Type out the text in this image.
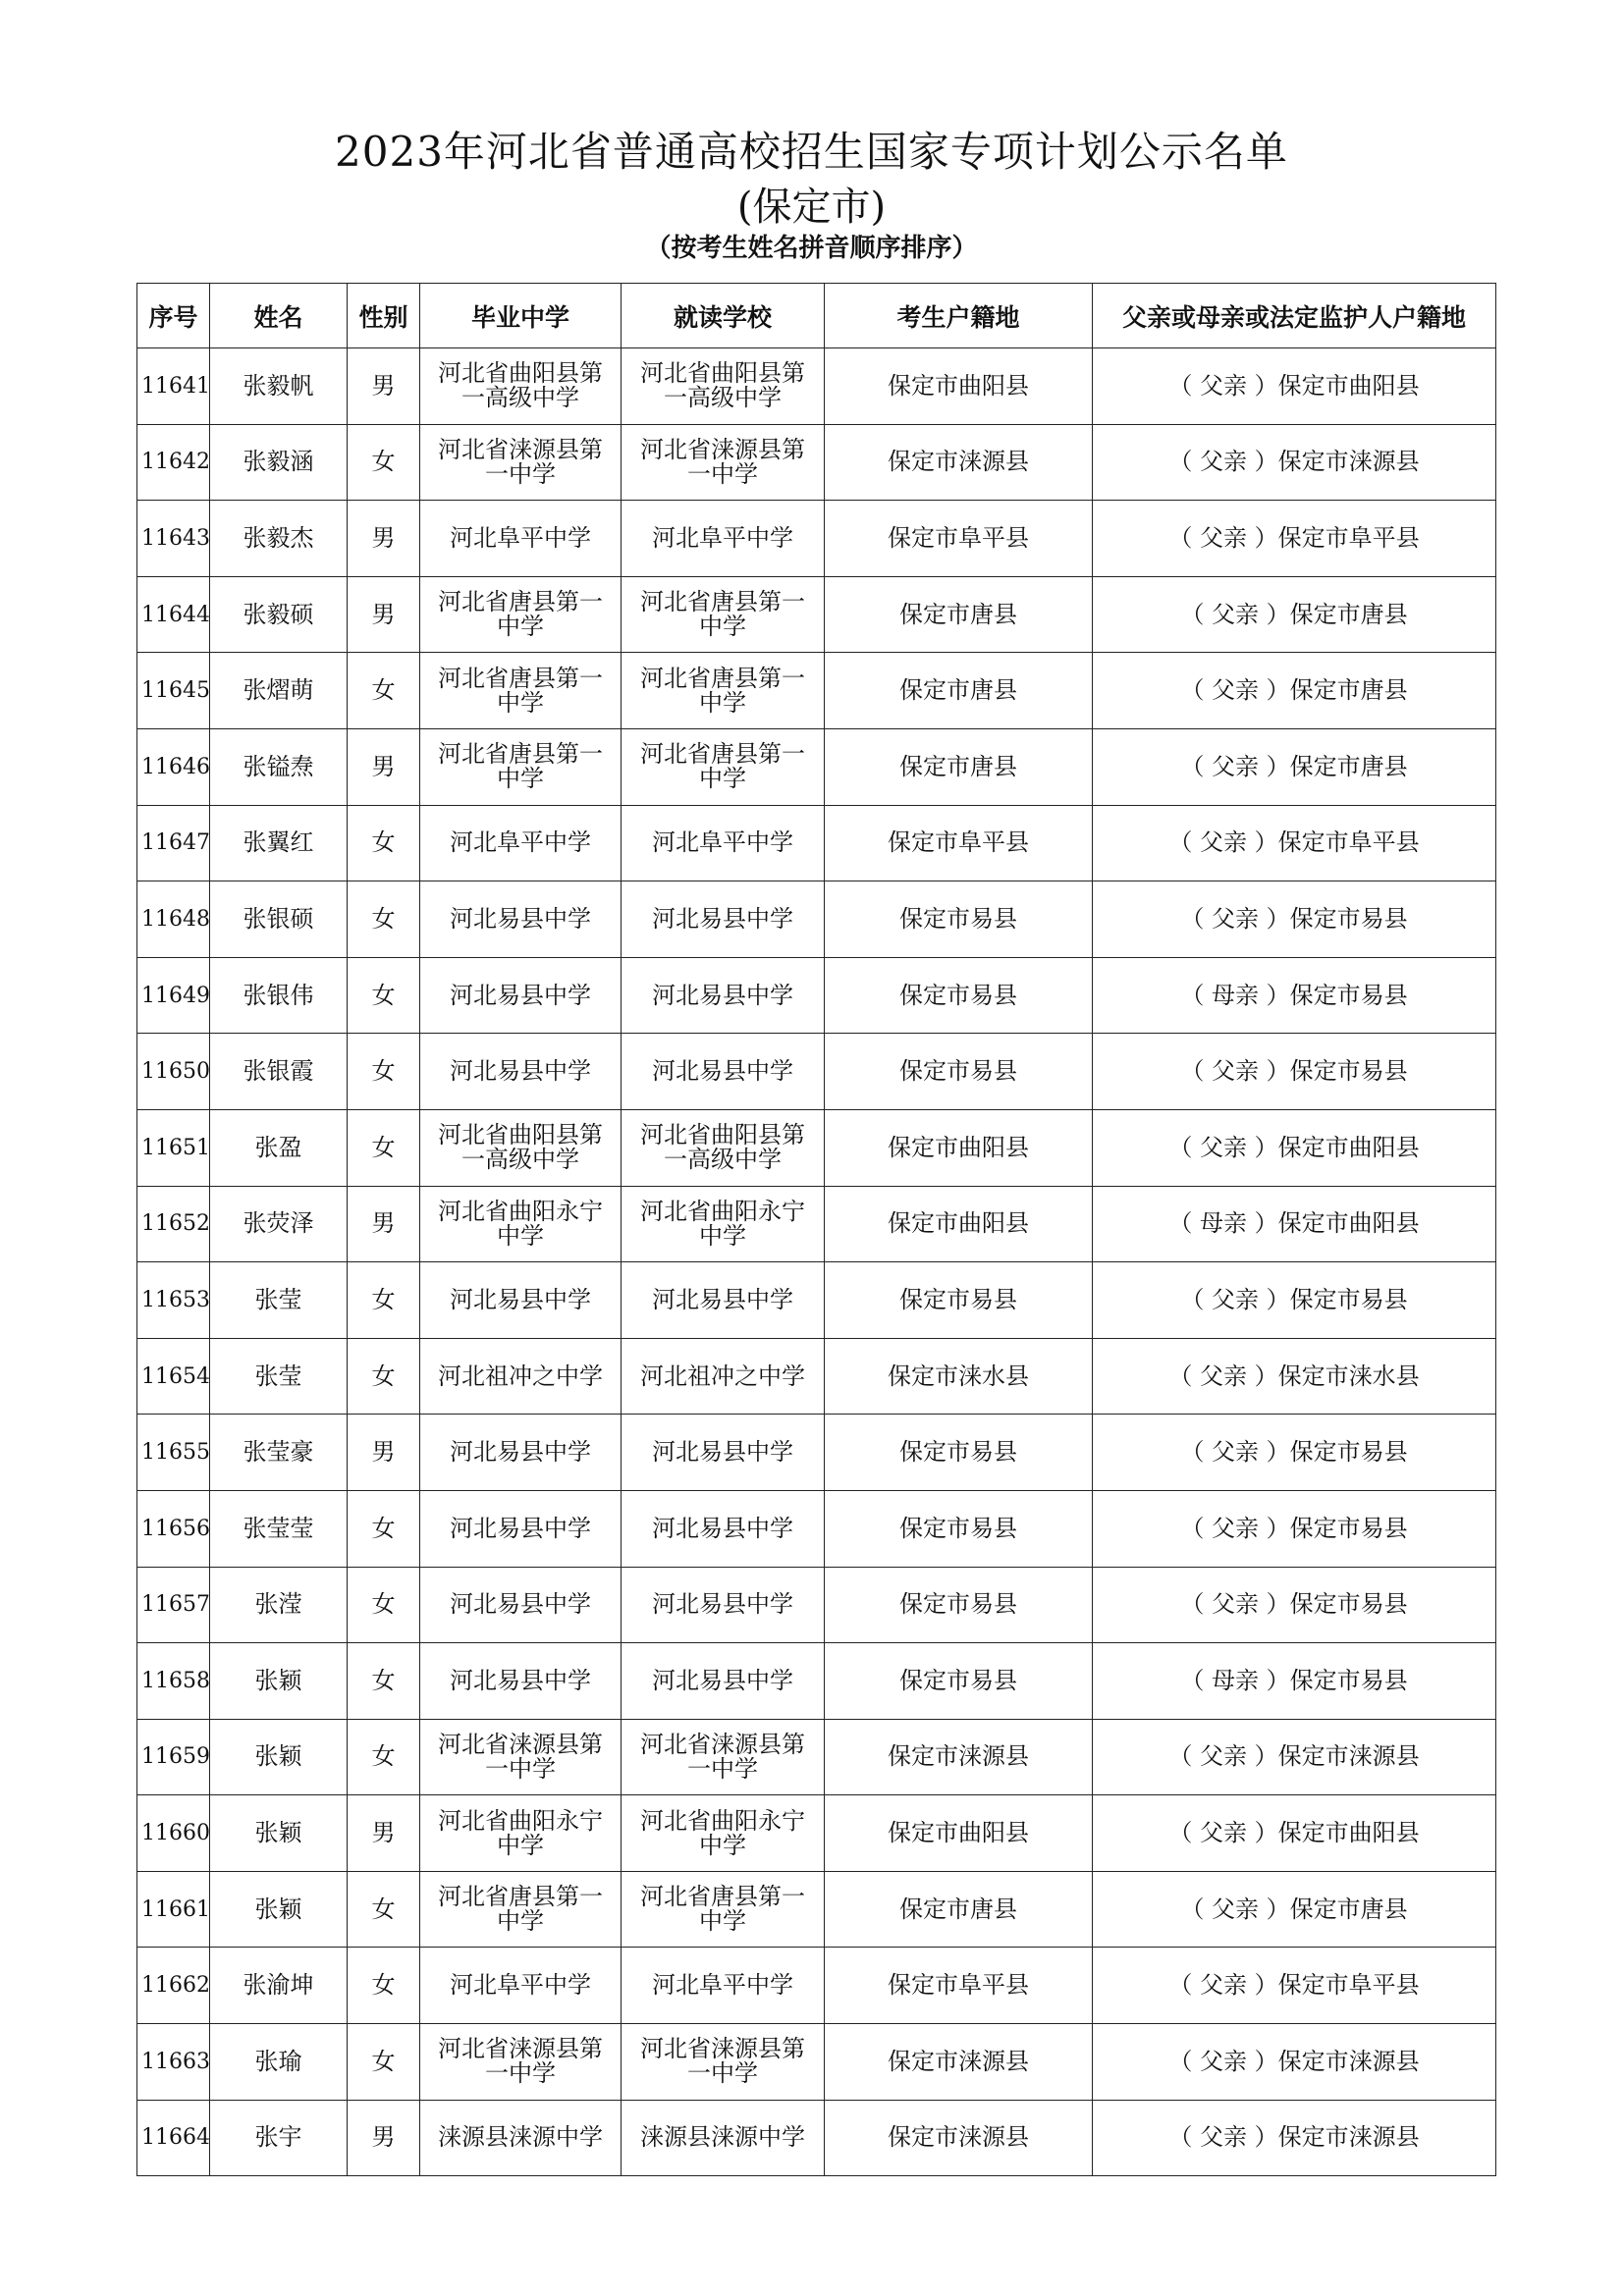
2023年河北省普通高校招生国家专项计划公示名单
(保定市)
（按考生姓名拼音顺序排序）
序号	姓名	性别	毕业中学	就读学校	考生户籍地	父亲或母亲或法定监护人户籍地
11641	张毅帆	男	河北省曲阳县第一高级中学	河北省曲阳县第一高级中学	保定市曲阳县	（ 父亲 ）保定市曲阳县
11642	张毅涵	女	河北省涞源县第一中学	河北省涞源县第一中学	保定市涞源县	（ 父亲 ）保定市涞源县
11643	张毅杰	男	河北阜平中学	河北阜平中学	保定市阜平县	（ 父亲 ）保定市阜平县
11644	张毅硕	男	河北省唐县第一中学	河北省唐县第一中学	保定市唐县	（ 父亲 ）保定市唐县
11645	张熠萌	女	河北省唐县第一中学	河北省唐县第一中学	保定市唐县	（ 父亲 ）保定市唐县
11646	张镒焘	男	河北省唐县第一中学	河北省唐县第一中学	保定市唐县	（ 父亲 ）保定市唐县
11647	张翼红	女	河北阜平中学	河北阜平中学	保定市阜平县	（ 父亲 ）保定市阜平县
11648	张银硕	女	河北易县中学	河北易县中学	保定市易县	（ 父亲 ）保定市易县
11649	张银伟	女	河北易县中学	河北易县中学	保定市易县	（ 母亲 ）保定市易县
11650	张银霞	女	河北易县中学	河北易县中学	保定市易县	（ 父亲 ）保定市易县
11651	张盈	女	河北省曲阳县第一高级中学	河北省曲阳县第一高级中学	保定市曲阳县	（ 父亲 ）保定市曲阳县
11652	张荧泽	男	河北省曲阳永宁中学	河北省曲阳永宁中学	保定市曲阳县	（ 母亲 ）保定市曲阳县
11653	张莹	女	河北易县中学	河北易县中学	保定市易县	（ 父亲 ）保定市易县
11654	张莹	女	河北祖冲之中学	河北祖冲之中学	保定市涞水县	（ 父亲 ）保定市涞水县
11655	张莹豪	男	河北易县中学	河北易县中学	保定市易县	（ 父亲 ）保定市易县
11656	张莹莹	女	河北易县中学	河北易县中学	保定市易县	（ 父亲 ）保定市易县
11657	张滢	女	河北易县中学	河北易县中学	保定市易县	（ 父亲 ）保定市易县
11658	张颖	女	河北易县中学	河北易县中学	保定市易县	（ 母亲 ）保定市易县
11659	张颖	女	河北省涞源县第一中学	河北省涞源县第一中学	保定市涞源县	（ 父亲 ）保定市涞源县
11660	张颖	男	河北省曲阳永宁中学	河北省曲阳永宁中学	保定市曲阳县	（ 父亲 ）保定市曲阳县
11661	张颖	女	河北省唐县第一中学	河北省唐县第一中学	保定市唐县	（ 父亲 ）保定市唐县
11662	张渝坤	女	河北阜平中学	河北阜平中学	保定市阜平县	（ 父亲 ）保定市阜平县
11663	张瑜	女	河北省涞源县第一中学	河北省涞源县第一中学	保定市涞源县	（ 父亲 ）保定市涞源县
11664	张宇	男	涞源县涞源中学	涞源县涞源中学	保定市涞源县	（ 父亲 ）保定市涞源县
